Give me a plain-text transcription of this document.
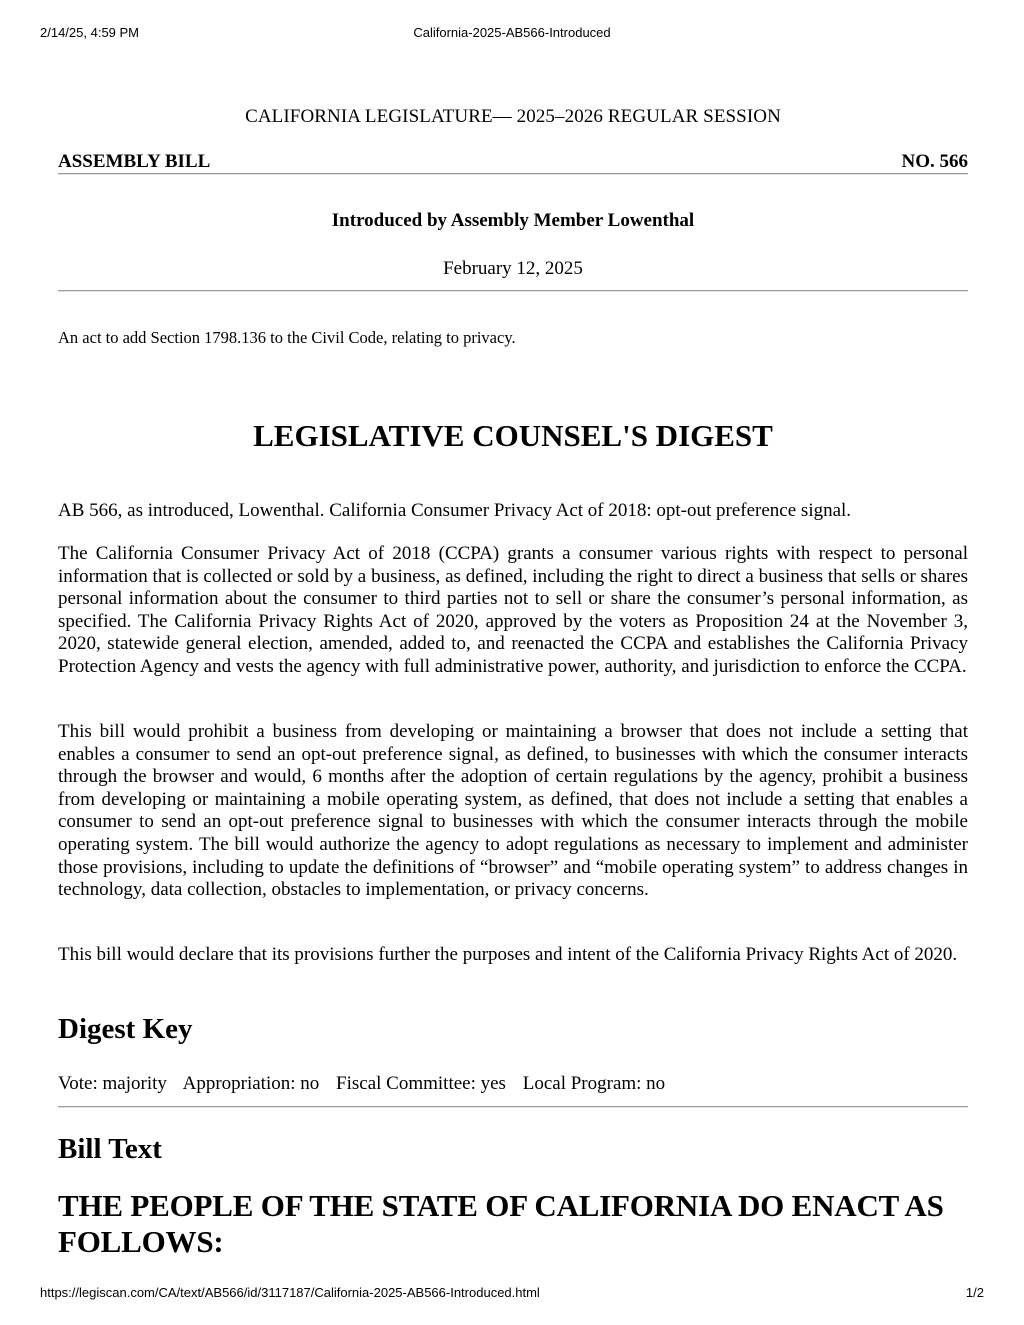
2/14/25, 4:59 PM	California-2025-AB566-Introduced
CALIFORNIA LEGISLATURE— 2025–2026 REGULAR SESSION
ASSEMBLY BILL	NO. 566
Introduced by Assembly Member Lowenthal
February 12, 2025
An act to add Section 1798.136 to the Civil Code, relating to privacy.
LEGISLATIVE COUNSEL'S DIGEST

AB 566, as introduced, Lowenthal. California Consumer Privacy Act of 2018: opt-out preference signal.

The California Consumer Privacy Act of 2018 (CCPA) grants a consumer various rights with respect to personal information that is collected or sold by a business, as defined, including the right to direct a business that sells or shares personal information about the consumer to third parties not to sell or share the consumer’s personal information, as specified. The California Privacy Rights Act of 2020, approved by the voters as Proposition 24 at the November 3, 2020, statewide general election, amended, added to, and reenacted the CCPA and establishes the California Privacy Protection Agency and vests the agency with full administrative power, authority, and jurisdiction to enforce the CCPA.

This bill would prohibit a business from developing or maintaining a browser that does not include a setting that enables a consumer to send an opt-out preference signal, as defined, to businesses with which the consumer interacts through the browser and would, 6 months after the adoption of certain regulations by the agency, prohibit a business from developing or maintaining a mobile operating system, as defined, that does not include a setting that enables a consumer to send an opt-out preference signal to businesses with which the consumer interacts through the mobile operating system. The bill would authorize the agency to adopt regulations as necessary to implement and administer those provisions, including to update the definitions of “browser” and “mobile operating system” to address changes in technology, data collection, obstacles to implementation, or privacy concerns.

This bill would declare that its provisions further the purposes and intent of the California Privacy Rights Act of 2020.

Digest Key
Vote: majority Appropriation: no Fiscal Committee: yes Local Program: no
Bill Text
THE PEOPLE OF THE STATE OF CALIFORNIA DO ENACT AS FOLLOWS:
https://legiscan.com/CA/text/AB566/id/3117187/California-2025-AB566-Introduced.html	1/2
